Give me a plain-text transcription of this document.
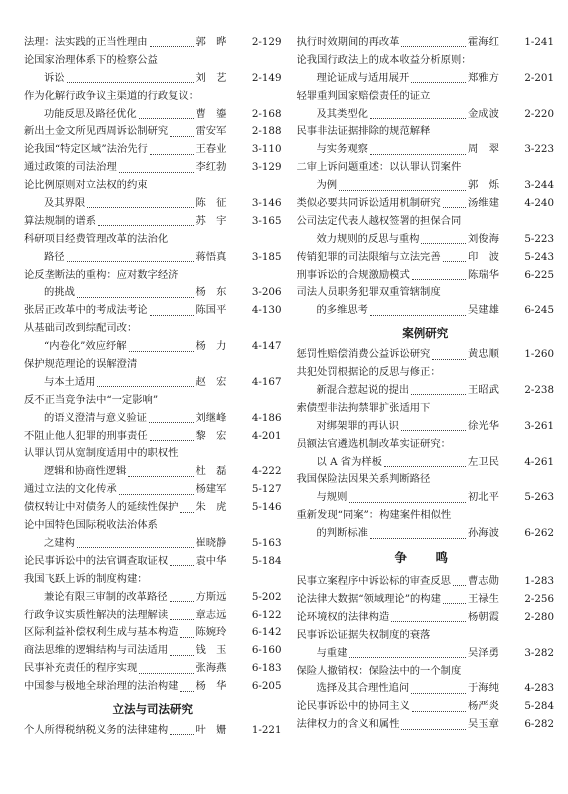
法理：法实践的正当性理由	郭　晔	2-129
论国家治理体系下的检察公益
诉讼	刘　艺	2-149
作为化解行政争议主渠道的行政复议：
功能反思及路径优化	曹　鎏	2-168
新出土金文所见西周诉讼制研究	雷安军	2-188
论我国“特定区域”法治先行	王春业	3-110
通过政策的司法治理	李红勃	3-129
论比例原则对立法权的约束
及其界限	陈　征	3-146
算法规制的谱系	苏　宇	3-165
科研项目经费管理改革的法治化
路径	蒋悟真	3-185
论反垄断法的重构：应对数字经济
的挑战	杨　东	3-206
张居正改革中的考成法考论	陈国平	4-130
从基础司改到综配司改：
“内卷化”效应纾解	杨　力	4-147
保护规范理论的误解澄清
与本土适用	赵　宏	4-167
反不正当竞争法中“一定影响”
的语义澄清与意义验证	刘继峰	4-186
不阻止他人犯罪的刑事责任	黎　宏	4-201
认罪认罚从宽制度适用中的职权性
逻辑和协商性逻辑	杜　磊	4-222
通过立法的文化传承	杨建军	5-127
债权转让中对债务人的延续性保护 朱　虎	5-146
论中国特色国际税收法治体系
之建构	崔晓静	5-163
论民事诉讼中的法官调查取证权	袁中华	5-184
我国飞跃上诉的制度构建：
兼论有限三审制的改革路径	方斯远	5-202
行政争议实质性解决的法理解读	章志远	6-122
区际利益补偿权利生成与基本构造 陈婉玲	6-142
商法思维的逻辑结构与司法适用	钱　玉	6-160
民事补充责任的程序实现	张海燕	6-183
中国参与极地全球治理的法治构建 杨　华	6-205
立法与司法研究
个人所得税纳税义务的法律建构	叶　姗	1-221
执行时效期间的再改革	霍海红	1-241
论我国行政法上的成本收益分析原则：
理论证成与适用展开	郑雅方	2-201
轻罪重判国家赔偿责任的证立
及其类型化	金成波	2-220
民事非法证据排除的规范解释
与实务观察	周　翠	3-223
二审上诉问题重述：以认罪认罚案件
为例	郭　烁	3-244
类似必要共同诉讼适用机制研究	汤维建	4-240
公司法定代表人越权签署的担保合同
效力规则的反思与重构	刘俊海	5-223
传销犯罪的司法限缩与立法完善	印　波	5-243
刑事诉讼的合规激励模式	陈瑞华	6-225
司法人员职务犯罪双重管辖制度
的多维思考	吴建雄	6-245
案例研究
惩罚性赔偿消费公益诉讼研究	黄忠顺	1-260
共犯处罚根据论的反思与修正：
新混合惹起说的提出	王昭武	2-238
索债型非法拘禁罪扩张适用下
对绑架罪的再认识	徐光华	3-261
员额法官遴选机制改革实证研究：
以 A 省为样板	左卫民	4-261
我国保险法因果关系判断路径
与规则	初北平	5-263
重新发现“同案”：构建案件相似性
的判断标准	孙海波	6-262
争　鸣
民事立案程序中诉讼标的审查反思 曹志勋	1-283
论法律大数据“领域理论”的构建	王禄生	2-256
论环境权的法律构造	杨朝霞	2-280
民事诉讼证据失权制度的衰落
与重建	吴泽勇	3-282
保险人撤销权：保险法中的一个制度
选择及其合理性追问	于海纯	4-283
论民事诉讼中的协同主义	杨严炎	5-284
法律权力的含义和属性	吴玉章	6-282
